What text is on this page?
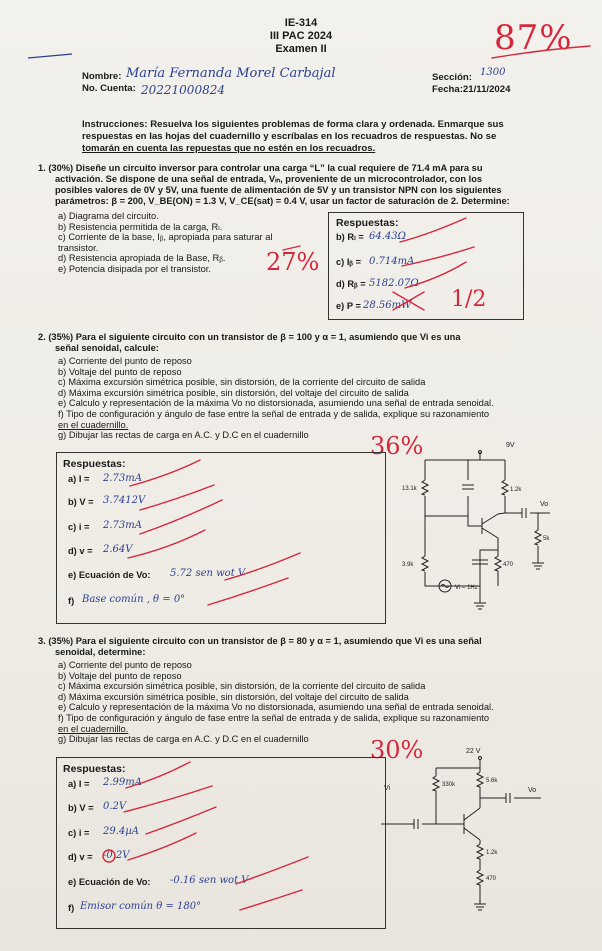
IE-314
III PAC 2024
Examen II	87%
Nombre: María Fernanda Morel Carbajal
No. Cuenta: 20221000824
Sección: 1300
Fecha:21/11/2024
Instrucciones: Resuelva los siguientes problemas de forma clara y ordenada. Enmarque sus
respuestas en las hojas del cuadernillo y escríbalas en los recuadros de respuestas. No se
tomarán en cuenta las repuestas que no estén en los recuadros.
1. (30%) Diseñe un circuito inversor para controlar una carga “L” la cual requiere de 71.4 mA para su
activación. Se dispone de una señal de entrada, Vᵢₙ, proveniente de un microcontrolador, con los
posibles valores de 0V y 5V, una fuente de alimentación de 5V y un transistor NPN con los siguientes
parámetros: β = 200, V_BE(ON) = 1.3 V, V_CE(sat) = 0.4 V, usar un factor de saturación de 2. Determine:
a) Diagrama del circuito.
b) Resistencia permitida de la carga, Rₗ.
c) Corriente de la base, Iᵦ, apropiada para saturar al
transistor.
d) Resistencia apropiada de la Base, Rᵦ.
e) Potencia disipada por el transistor.	27%
Respuestas:
b) Rₗ = 64.43Ω
c) Iᵦ = 0.714mA
d) Rᵦ = 5182.07Ω
e) P = 28.56mW 1/2
2. (35%) Para el siguiente circuito con un transistor de β = 100 y α = 1, asumiendo que Vi es una
señal senoidal, calcule:
a) Corriente del punto de reposo
b) Voltaje del punto de reposo
c) Máxima excursión simétrica posible, sin distorsión, de la corriente del circuito de salida
d) Máxima excursión simétrica posible, sin distorsión, del voltaje del circuito de salida
e) Calculo y representación de la máxima Vo no distorsionada, asumiendo una señal de entrada senoidal.
f) Tipo de configuración y ángulo de fase entre la señal de entrada y de salida, explique su razonamiento
en el cuadernillo.
g) Dibujar las rectas de carga en A.C. y D.C en el cuadernillo	36%
Respuestas:
a) I = 2.73mA
b) V = 3.7412V
c) i = 2.73mA
d) v = 2.64V
e) Ecuación de Vo: 5.72 sen wot V
f) Base común , θ = 0°
3. (35%) Para el siguiente circuito con un transistor de β = 80 y α = 1, asumiendo que Vi es una señal
senoidal, determine:
a) Corriente del punto de reposo
b) Voltaje del punto de reposo
c) Máxima excursión simétrica posible, sin distorsión, de la corriente del circuito de salida
d) Máxima excursión simétrica posible, sin distorsión, del voltaje del circuito de salida
e) Calculo y representación de la máxima Vo no distorsionada, asumiendo una señal de entrada senoidal.
f) Tipo de configuración y ángulo de fase entre la señal de entrada y de salida, explique su razonamiento
en el cuadernillo.
g) Dibujar las rectas de carga en A.C. y D.C en el cuadernillo	30%
Respuestas:
a) I = 2.99mA
b) V = 0.2V
c) i = 29.4µA
d) v = -0.2V
e) Ecuación de Vo: -0.16 sen wot V
f) Emisor común θ = 180°
9V
13.1k	1.2k
Vo
5k
3.9k	470
Vi = 1Hz
22 V
5.6k
Vo
330k
Vi
1.2k
470
